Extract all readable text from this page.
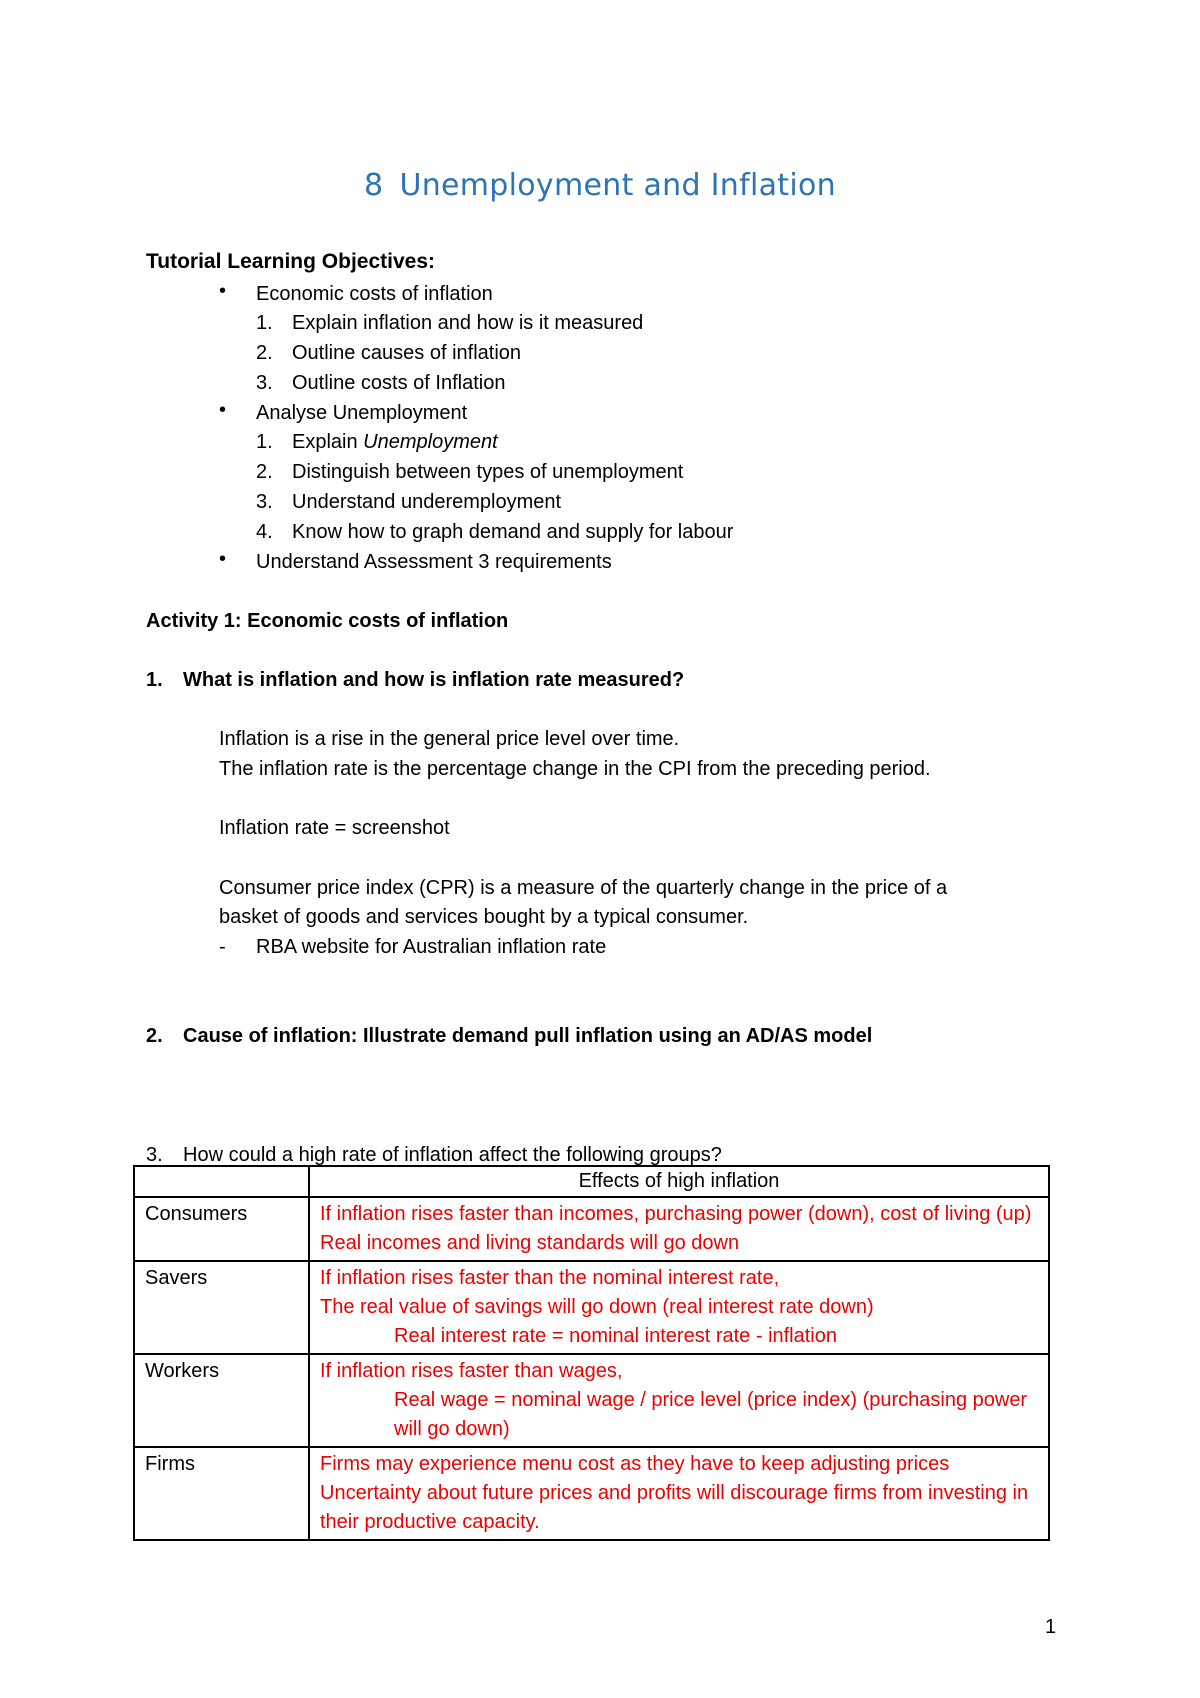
8 Unemployment and Inflation
Tutorial Learning Objectives:
• Economic costs of inflation
1. Explain inflation and how is it measured
2. Outline causes of inflation
3. Outline costs of Inflation
• Analyse Unemployment
1. Explain Unemployment
2. Distinguish between types of unemployment
3. Understand underemployment
4. Know how to graph demand and supply for labour
• Understand Assessment 3 requirements
Activity 1: Economic costs of inflation
1. What is inflation and how is inflation rate measured?
Inflation is a rise in the general price level over time.
The inflation rate is the percentage change in the CPI from the preceding period.
Inflation rate = screenshot
Consumer price index (CPR) is a measure of the quarterly change in the price of a
basket of goods and services bought by a typical consumer.
- RBA website for Australian inflation rate
2. Cause of inflation: Illustrate demand pull inflation using an AD/AS model
3. How could a high rate of inflation affect the following groups?
	Effects of high inflation
Consumers	If inflation rises faster than incomes, purchasing power (down), cost of living (up)
Real incomes and living standards will go down

Savers	If inflation rises faster than the nominal interest rate,
The real value of savings will go down (real interest rate down)
Real interest rate = nominal interest rate - inflation

Workers	If inflation rises faster than wages,
Real wage = nominal wage / price level (price index) (purchasing power will go down)

Firms	Firms may experience menu cost as they have to keep adjusting prices
Uncertainty about future prices and profits will discourage firms from investing in their productive capacity.
1
